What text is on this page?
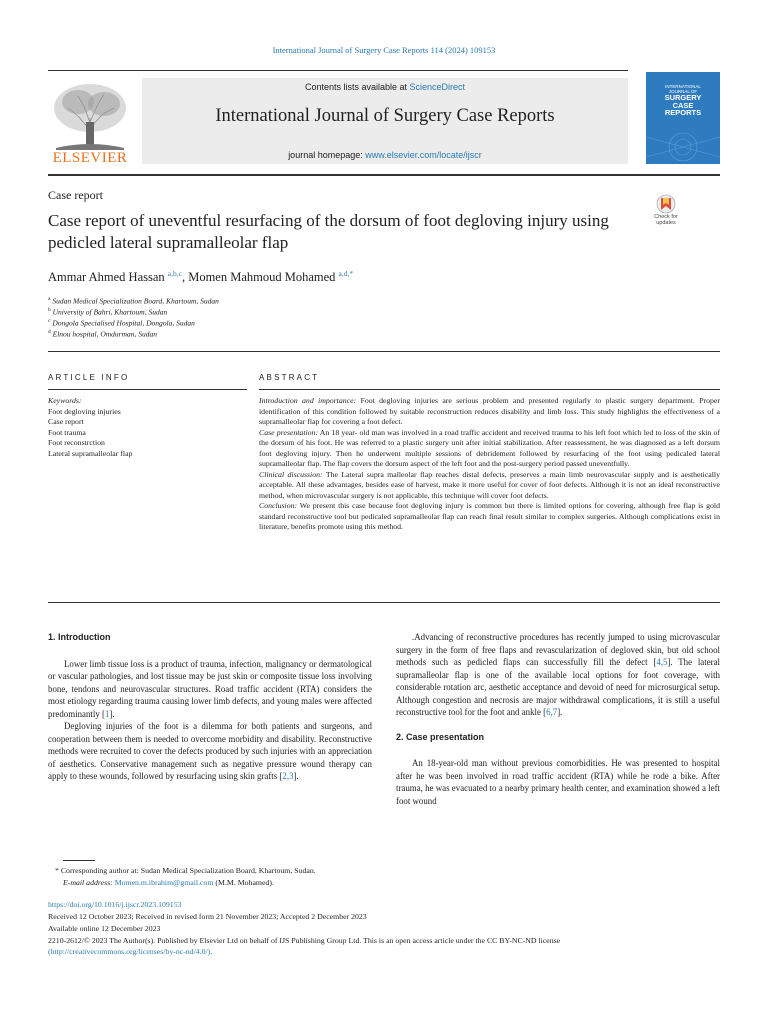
International Journal of Surgery Case Reports 114 (2024) 109153
ELSEVIER
Contents lists available at ScienceDirect
International Journal of Surgery Case Reports
journal homepage: www.elsevier.com/locate/ijscr
INTERNATIONAL
JOURNAL OF
SURGERY
CASE
REPORTS
Case report
Case report of uneventful resurfacing of the dorsum of foot degloving injury using pedicled lateral supramalleolar flap
Check for
updates
Ammar Ahmed Hassan $^{a,b,c}$, Momen Mahmoud Mohamed $^{a,d,*}$
$^a$ Sudan Medical Specialization Board, Khartoum, Sudan
$^b$ University of Bahri, Khartoum, Sudan
$^c$ Dongola Specialised Hospital, Dongola, Sudan
$^d$ Elnou hospital, Omdurman, Sudan
ARTICLE INFO	ABSTRACT
Keywords:
Foot degloving injuries
Case report
Foot trauma
Foot reconstrction
Lateral supramalleolar flap

Introduction and importance: Foot degloving injuries are serious problem and presented regularly to plastic surgery department. Proper identification of this condition followed by suitable reconstruction reduces disability and limb loss. This study highlights the effectiveness of a supramalleolar flap for covering a foot defect.

Case presentation: An 18 year- old man was involved in a road traffic accident and received trauma to his left foot which led to loss of the skin of the dorsum of his foot. He was referred to a plastic surgery unit after initial stabilization. After reassessment, he was diagnosed as a left dorsum foot degloving injury. Then he underwent multiple sessions of debridement followed by resurfacing of the foot using pedicaled lateral supramalleolar flap. The flap covers the dorsum aspect of the left foot and the post-surgery period passed uneventfully.

Clinical discussion: The Lateral supra malleolar flap reaches distal defects, preserves a main limb neurovascular supply and is aesthetically acceptable. All these advantages, besides ease of harvest, make it more useful for cover of foot defects. Although it is not an ideal reconstructive method, when microvascular surgery is not applicable, this technique will cover foot defects.

Conclusion: We present this case because foot degloving injury is common but there is limited options for covering, although free flap is gold standard reconstructive tool but pedicaled supramalleolar flap can reach final result similar to complex surgeries. Although complications exist in literature, benefits promote using this method.

1. Introduction

Lower limb tissue loss is a product of trauma, infection, malignancy or dermatological or vascular pathologies, and lost tissue may be just skin or composite tissue loss involving bone, tendons and neurovascular structures. Road traffic accident (RTA) considers the most etiology regarding trauma causing lower limb defects, and young males were affected predominantly [1].

Degloving injuries of the foot is a dilemma for both patients and surgeons, and cooperation between them is needed to overcome morbidity and disability. Reconstructive methods were recruited to cover the defects produced by such injuries with an appreciation of aesthetics. Conservative management such as negative pressure wound therapy can apply to these wounds, followed by resurfacing using skin grafts [2,3].

.Advancing of reconstructive procedures has recently jumped to using microvascular surgery in the form of free flaps and revascularization of degloved skin, but old school methods such as pedicled flaps can successfully fill the defect [4,5]. The lateral supramalleolar flap is one of the available local options for foot coverage, with considerable rotation arc, aesthetic acceptance and devoid of need for microsurgical setup. Although congestion and necrosis are major withdrawal complications, it is still a useful reconstructive tool for the foot and ankle [6,7].

2. Case presentation

An 18-year-old man without previous comorbidities. He was presented to hospital after he was been involved in road traffic accident (RTA) while he rode a bike. After trauma, he was evacuated to a nearby primary health center, and examination showed a left foot wound

* Corresponding author at: Sudan Medical Specialization Board, Khartoum, Sudan.
E-mail address: Momen.m.ibrahim@gmail.com (M.M. Mohamed).
https://doi.org/10.1016/j.ijscr.2023.109153
Received 12 October 2023; Received in revised form 21 November 2023; Accepted 2 December 2023
Available online 12 December 2023
2210-2612/© 2023 The Author(s). Published by Elsevier Ltd on behalf of IJS Publishing Group Ltd. This is an open access article under the CC BY-NC-ND license
(http://creativecommons.org/licenses/by-nc-nd/4.0/).
